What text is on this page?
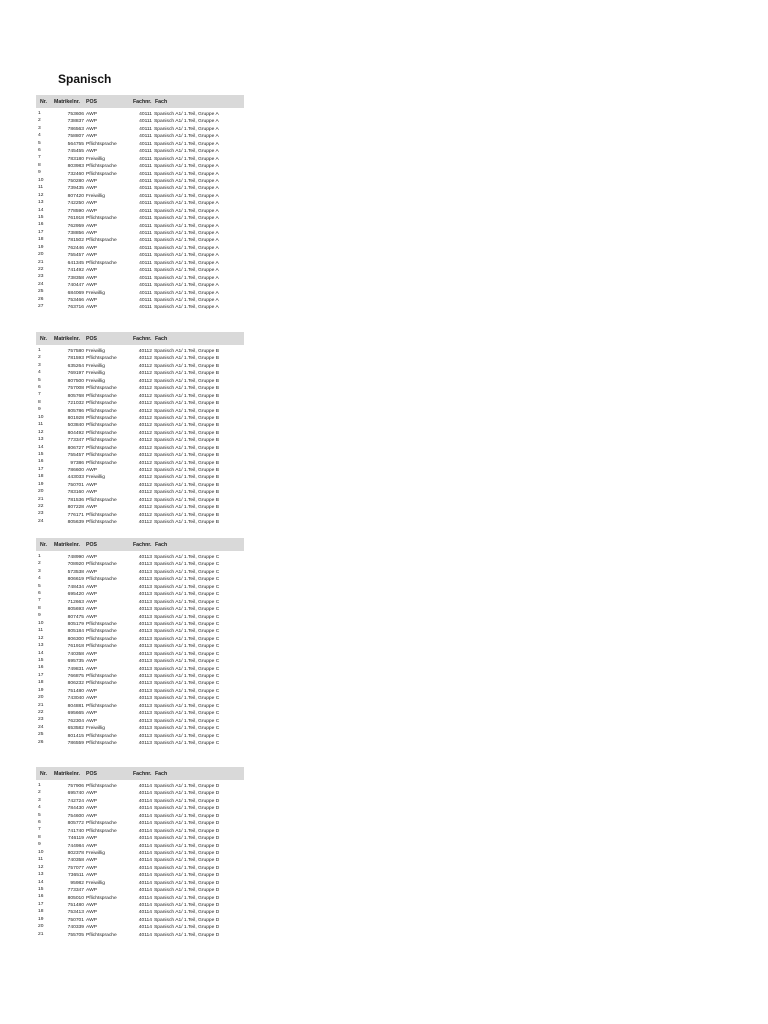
Spanisch
Nr. Matrikelnr. POS	Fachnr. Fach
1	753606 AWP	40111 Spanisch A1/ 1.Teil, Gruppe A
2	738837 AWP	40111 Spanisch A1/ 1.Teil, Gruppe A
3	786563 AWP	40111 Spanisch A1/ 1.Teil, Gruppe A
4	758807 AWP	40111 Spanisch A1/ 1.Teil, Gruppe A
5	564755 Pflichtsprache	40111 Spanisch A1/ 1.Teil, Gruppe A
6	745455 AWP	40111 Spanisch A1/ 1.Teil, Gruppe A
7	783180 Freiwillig	40111 Spanisch A1/ 1.Teil, Gruppe A
8	803983 Pflichtsprache	40111 Spanisch A1/ 1.Teil, Gruppe A
9	732460 Pflichtsprache	40111 Spanisch A1/ 1.Teil, Gruppe A
10	750280 AWP	40111 Spanisch A1/ 1.Teil, Gruppe A
11	739435 AWP	40111 Spanisch A1/ 1.Teil, Gruppe A
12	807420 Freiwillig	40111 Spanisch A1/ 1.Teil, Gruppe A
13	742250 AWP	40111 Spanisch A1/ 1.Teil, Gruppe A
14	778590 AWP	40111 Spanisch A1/ 1.Teil, Gruppe A
15	761918 Pflichtsprache	40111 Spanisch A1/ 1.Teil, Gruppe A
16	762959 AWP	40111 Spanisch A1/ 1.Teil, Gruppe A
17	738856 AWP	40111 Spanisch A1/ 1.Teil, Gruppe A
18	781502 Pflichtsprache	40111 Spanisch A1/ 1.Teil, Gruppe A
19	762446 AWP	40111 Spanisch A1/ 1.Teil, Gruppe A
20	755457 AWP	40111 Spanisch A1/ 1.Teil, Gruppe A
21	641345 Pflichtsprache	40111 Spanisch A1/ 1.Teil, Gruppe A
22	741492 AWP	40111 Spanisch A1/ 1.Teil, Gruppe A
23	738358 AWP	40111 Spanisch A1/ 1.Teil, Gruppe A
24	740447 AWP	40111 Spanisch A1/ 1.Teil, Gruppe A
25	684069 Freiwillig	40111 Spanisch A1/ 1.Teil, Gruppe A
26	753466 AWP	40111 Spanisch A1/ 1.Teil, Gruppe A
27	763716 AWP	40111 Spanisch A1/ 1.Teil, Gruppe A
Nr. Matrikelnr. POS	Fachnr. Fach
1	757580 Freiwillig	40112 Spanisch A1/ 1.Teil, Gruppe B
2	781593 Pflichtsprache	40112 Spanisch A1/ 1.Teil, Gruppe B
3	635264 Freiwillig	40112 Spanisch A1/ 1.Teil, Gruppe B
4	769197 Freiwillig	40112 Spanisch A1/ 1.Teil, Gruppe B
5	807500 Freiwillig	40112 Spanisch A1/ 1.Teil, Gruppe B
6	757008 Pflichtsprache	40112 Spanisch A1/ 1.Teil, Gruppe B
7	805768 Pflichtsprache	40112 Spanisch A1/ 1.Teil, Gruppe B
8	721032 Pflichtsprache	40112 Spanisch A1/ 1.Teil, Gruppe B
9	805786 Pflichtsprache	40112 Spanisch A1/ 1.Teil, Gruppe B
10	801928 Pflichtsprache	40112 Spanisch A1/ 1.Teil, Gruppe B
11	503840 Pflichtsprache	40112 Spanisch A1/ 1.Teil, Gruppe B
12	804492 Pflichtsprache	40112 Spanisch A1/ 1.Teil, Gruppe B
13	773347 Pflichtsprache	40112 Spanisch A1/ 1.Teil, Gruppe B
14	806727 Pflichtsprache	40112 Spanisch A1/ 1.Teil, Gruppe B
15	755457 Pflichtsprache	40112 Spanisch A1/ 1.Teil, Gruppe B
16	97386 Pflichtsprache	40112 Spanisch A1/ 1.Teil, Gruppe B
17	786600 AWP	40112 Spanisch A1/ 1.Teil, Gruppe B
18	443033 Freiwillig	40112 Spanisch A1/ 1.Teil, Gruppe B
19	750701 AWP	40112 Spanisch A1/ 1.Teil, Gruppe B
20	783160 AWP	40112 Spanisch A1/ 1.Teil, Gruppe B
21	781536 Pflichtsprache	40112 Spanisch A1/ 1.Teil, Gruppe B
22	807228 AWP	40112 Spanisch A1/ 1.Teil, Gruppe B
23	776171 Pflichtsprache	40112 Spanisch A1/ 1.Teil, Gruppe B
24	805639 Pflichtsprache	40112 Spanisch A1/ 1.Teil, Gruppe B
Nr. Matrikelnr. POS	Fachnr. Fach
1	748990 AWP	40113 Spanisch A1/ 1.Teil, Gruppe C
2	708920 Pflichtsprache	40113 Spanisch A1/ 1.Teil, Gruppe C
3	573538 AWP	40113 Spanisch A1/ 1.Teil, Gruppe C
4	806619 Pflichtsprache	40113 Spanisch A1/ 1.Teil, Gruppe C
5	748434 AWP	40113 Spanisch A1/ 1.Teil, Gruppe C
6	695420 AWP	40113 Spanisch A1/ 1.Teil, Gruppe C
7	712663 AWP	40113 Spanisch A1/ 1.Teil, Gruppe C
8	805693 AWP	40113 Spanisch A1/ 1.Teil, Gruppe C
9	807475 AWP	40113 Spanisch A1/ 1.Teil, Gruppe C
10	805179 Pflichtsprache	40113 Spanisch A1/ 1.Teil, Gruppe C
11	805184 Pflichtsprache	40113 Spanisch A1/ 1.Teil, Gruppe C
12	806300 Pflichtsprache	40113 Spanisch A1/ 1.Teil, Gruppe C
13	761918 Pflichtsprache	40113 Spanisch A1/ 1.Teil, Gruppe C
14	740358 AWP	40113 Spanisch A1/ 1.Teil, Gruppe C
15	695735 AWP	40113 Spanisch A1/ 1.Teil, Gruppe C
16	749831 AWP	40113 Spanisch A1/ 1.Teil, Gruppe C
17	766875 Pflichtsprache	40113 Spanisch A1/ 1.Teil, Gruppe C
18	806232 Pflichtsprache	40113 Spanisch A1/ 1.Teil, Gruppe C
19	751480 AWP	40113 Spanisch A1/ 1.Teil, Gruppe C
20	743040 AWP	40113 Spanisch A1/ 1.Teil, Gruppe C
21	804881 Pflichtsprache	40113 Spanisch A1/ 1.Teil, Gruppe C
22	695665 AWP	40113 Spanisch A1/ 1.Teil, Gruppe C
23	762304 AWP	40113 Spanisch A1/ 1.Teil, Gruppe C
24	653582 Freiwillig	40113 Spanisch A1/ 1.Teil, Gruppe C
25	801415 Pflichtsprache	40113 Spanisch A1/ 1.Teil, Gruppe C
26	786559 Pflichtsprache	40113 Spanisch A1/ 1.Teil, Gruppe C
Nr. Matrikelnr. POS	Fachnr. Fach
1	757906 Pflichtsprache	40114 Spanisch A1/ 1.Teil, Gruppe D
2	695740 AWP	40114 Spanisch A1/ 1.Teil, Gruppe D
3	742724 AWP	40114 Spanisch A1/ 1.Teil, Gruppe D
4	784430 AWP	40114 Spanisch A1/ 1.Teil, Gruppe D
5	754600 AWP	40114 Spanisch A1/ 1.Teil, Gruppe D
6	805772 Pflichtsprache	40114 Spanisch A1/ 1.Teil, Gruppe D
7	741740 Pflichtsprache	40114 Spanisch A1/ 1.Teil, Gruppe D
8	746119 AWP	40114 Spanisch A1/ 1.Teil, Gruppe D
9	744984 AWP	40114 Spanisch A1/ 1.Teil, Gruppe D
10	802378 Freiwillig	40114 Spanisch A1/ 1.Teil, Gruppe D
11	740358 AWP	40114 Spanisch A1/ 1.Teil, Gruppe D
12	757077 AWP	40114 Spanisch A1/ 1.Teil, Gruppe D
13	736511 AWP	40114 Spanisch A1/ 1.Teil, Gruppe D
14	95982 Freiwillig	40114 Spanisch A1/ 1.Teil, Gruppe D
15	773347 AWP	40114 Spanisch A1/ 1.Teil, Gruppe D
16	805010 Pflichtsprache	40114 Spanisch A1/ 1.Teil, Gruppe D
17	751480 AWP	40114 Spanisch A1/ 1.Teil, Gruppe D
18	753413 AWP	40114 Spanisch A1/ 1.Teil, Gruppe D
19	750701 AWP	40114 Spanisch A1/ 1.Teil, Gruppe D
20	740339 AWP	40114 Spanisch A1/ 1.Teil, Gruppe D
21	755705 Pflichtsprache	40114 Spanisch A1/ 1.Teil, Gruppe D
